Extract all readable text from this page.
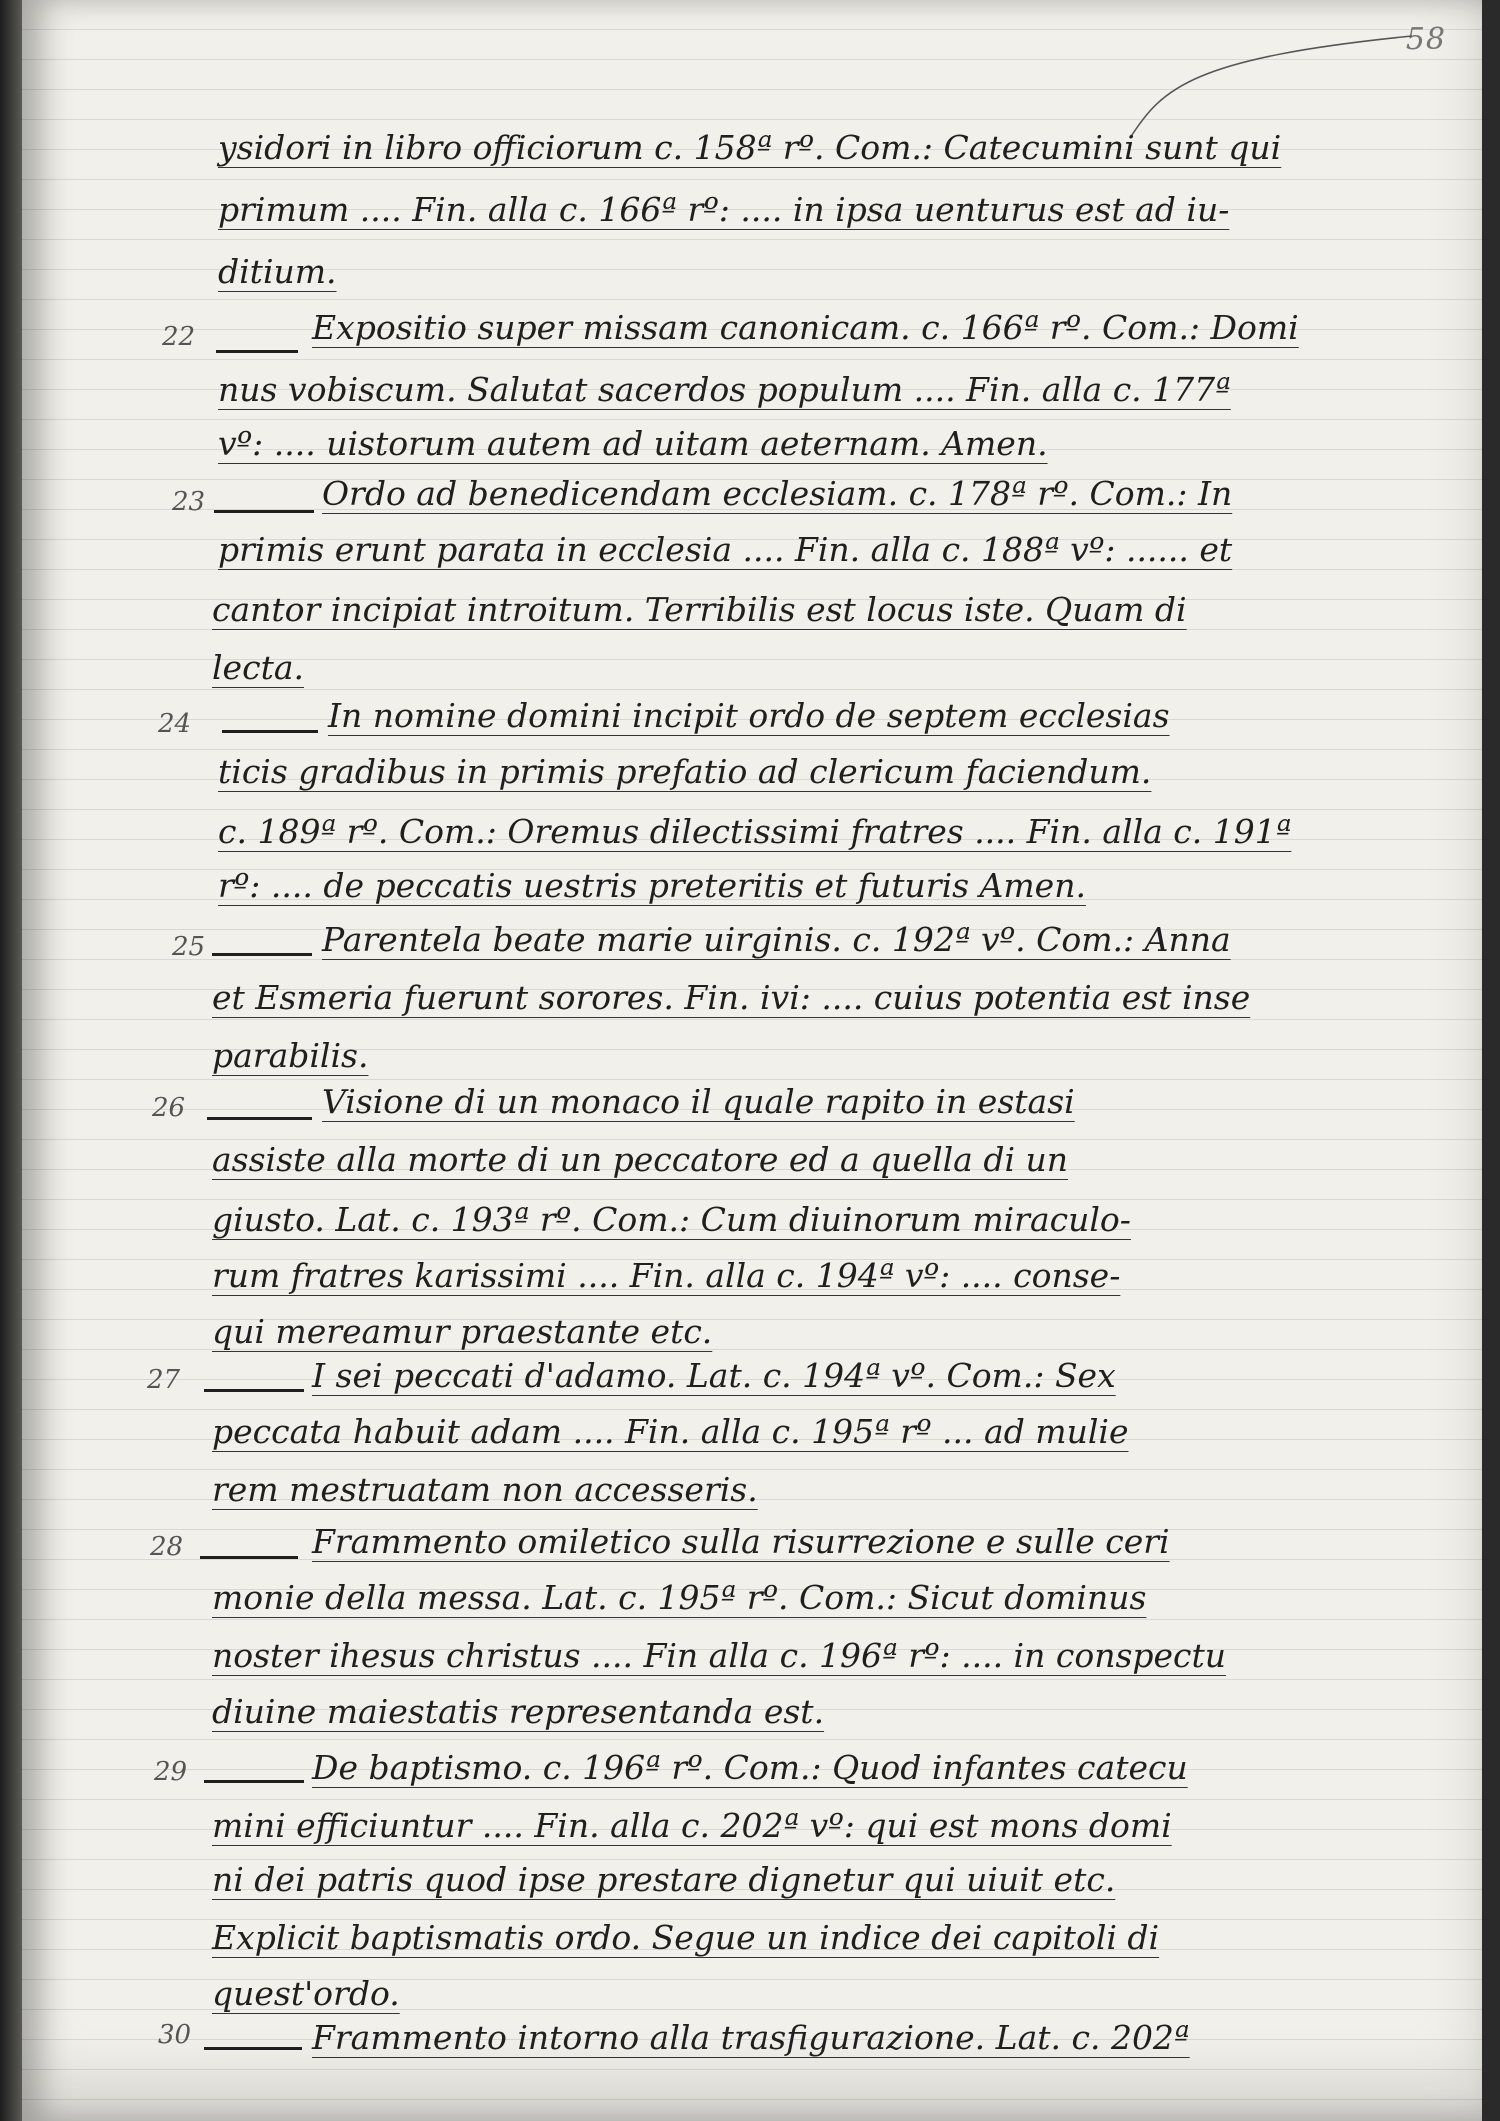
58
22
23
24
25
26
27
28
29
30
ysidori in libro officiorum c. 158ª rº. Com.: Catecumini sunt qui
primum .... Fin. alla c. 166ª rº: .... in ipsa uenturus est ad iu-
ditium.
Expositio super missam canonicam. c. 166ª rº. Com.: Domi
nus vobiscum. Salutat sacerdos populum .... Fin. alla c. 177ª
vº: .... uistorum autem ad uitam aeternam. Amen.
Ordo ad benedicendam ecclesiam. c. 178ª rº. Com.: In
primis erunt parata in ecclesia .... Fin. alla c. 188ª vº: ...... et
cantor incipiat introitum. Terribilis est locus iste. Quam di
lecta.
In nomine domini incipit ordo de septem ecclesias
ticis gradibus in primis prefatio ad clericum faciendum.
c. 189ª rº. Com.: Oremus dilectissimi fratres .... Fin. alla c. 191ª
rº: .... de peccatis uestris preteritis et futuris Amen.
Parentela beate marie uirginis. c. 192ª vº. Com.: Anna
et Esmeria fuerunt sorores. Fin. ivi: .... cuius potentia est inse
parabilis.
Visione di un monaco il quale rapito in estasi
assiste alla morte di un peccatore ed a quella di un
giusto. Lat. c. 193ª rº. Com.: Cum diuinorum miraculo-
rum fratres karissimi .... Fin. alla c. 194ª vº: .... conse-
qui mereamur praestante etc.
I sei peccati d'adamo. Lat. c. 194ª vº. Com.: Sex
peccata habuit adam .... Fin. alla c. 195ª rº ... ad mulie
rem mestruatam non accesseris.
Frammento omiletico sulla risurrezione e sulle ceri
monie della messa. Lat. c. 195ª rº. Com.: Sicut dominus
noster ihesus christus .... Fin alla c. 196ª rº: .... in conspectu
diuine maiestatis representanda est.
De baptismo. c. 196ª rº. Com.: Quod infantes catecu
mini efficiuntur .... Fin. alla c. 202ª vº: qui est mons domi
ni dei patris quod ipse prestare dignetur qui uiuit etc.
Explicit baptismatis ordo. Segue un indice dei capitoli di
quest'ordo.
Frammento intorno alla trasfigurazione. Lat. c. 202ª
